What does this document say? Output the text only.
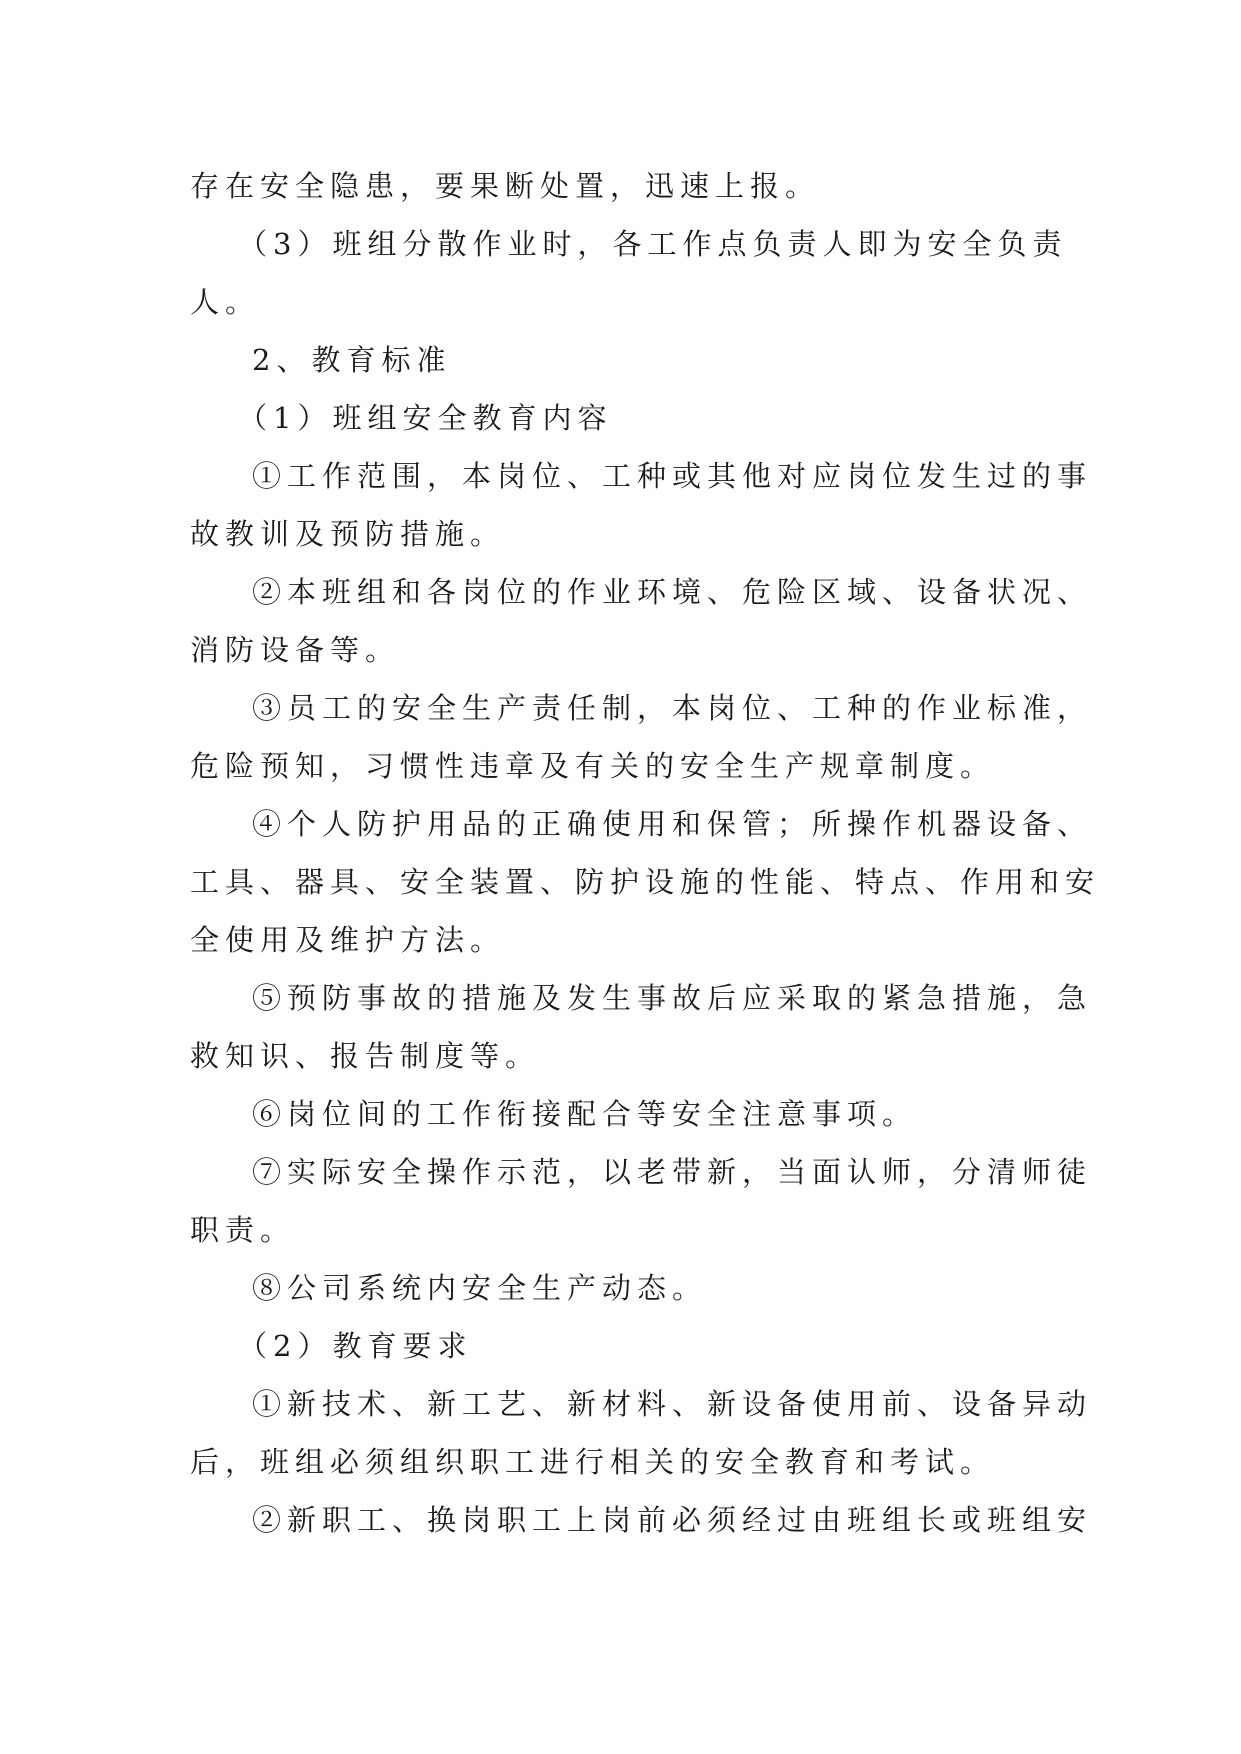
存在安全隐患，要果断处置，迅速上报。
（3）班组分散作业时，各工作点负责人即为安全负责
人。
2、教育标准
（1）班组安全教育内容
①工作范围，本岗位、工种或其他对应岗位发生过的事
故教训及预防措施。
②本班组和各岗位的作业环境、危险区域、设备状况、
消防设备等。
③员工的安全生产责任制，本岗位、工种的作业标准，
危险预知，习惯性违章及有关的安全生产规章制度。
④个人防护用品的正确使用和保管；所操作机器设备、
工具、器具、安全装置、防护设施的性能、特点、作用和安
全使用及维护方法。
⑤预防事故的措施及发生事故后应采取的紧急措施，急
救知识、报告制度等。
⑥岗位间的工作衔接配合等安全注意事项。
⑦实际安全操作示范，以老带新，当面认师，分清师徒
职责。
⑧公司系统内安全生产动态。
（2）教育要求
①新技术、新工艺、新材料、新设备使用前、设备异动
后，班组必须组织职工进行相关的安全教育和考试。
②新职工、换岗职工上岗前必须经过由班组长或班组安
